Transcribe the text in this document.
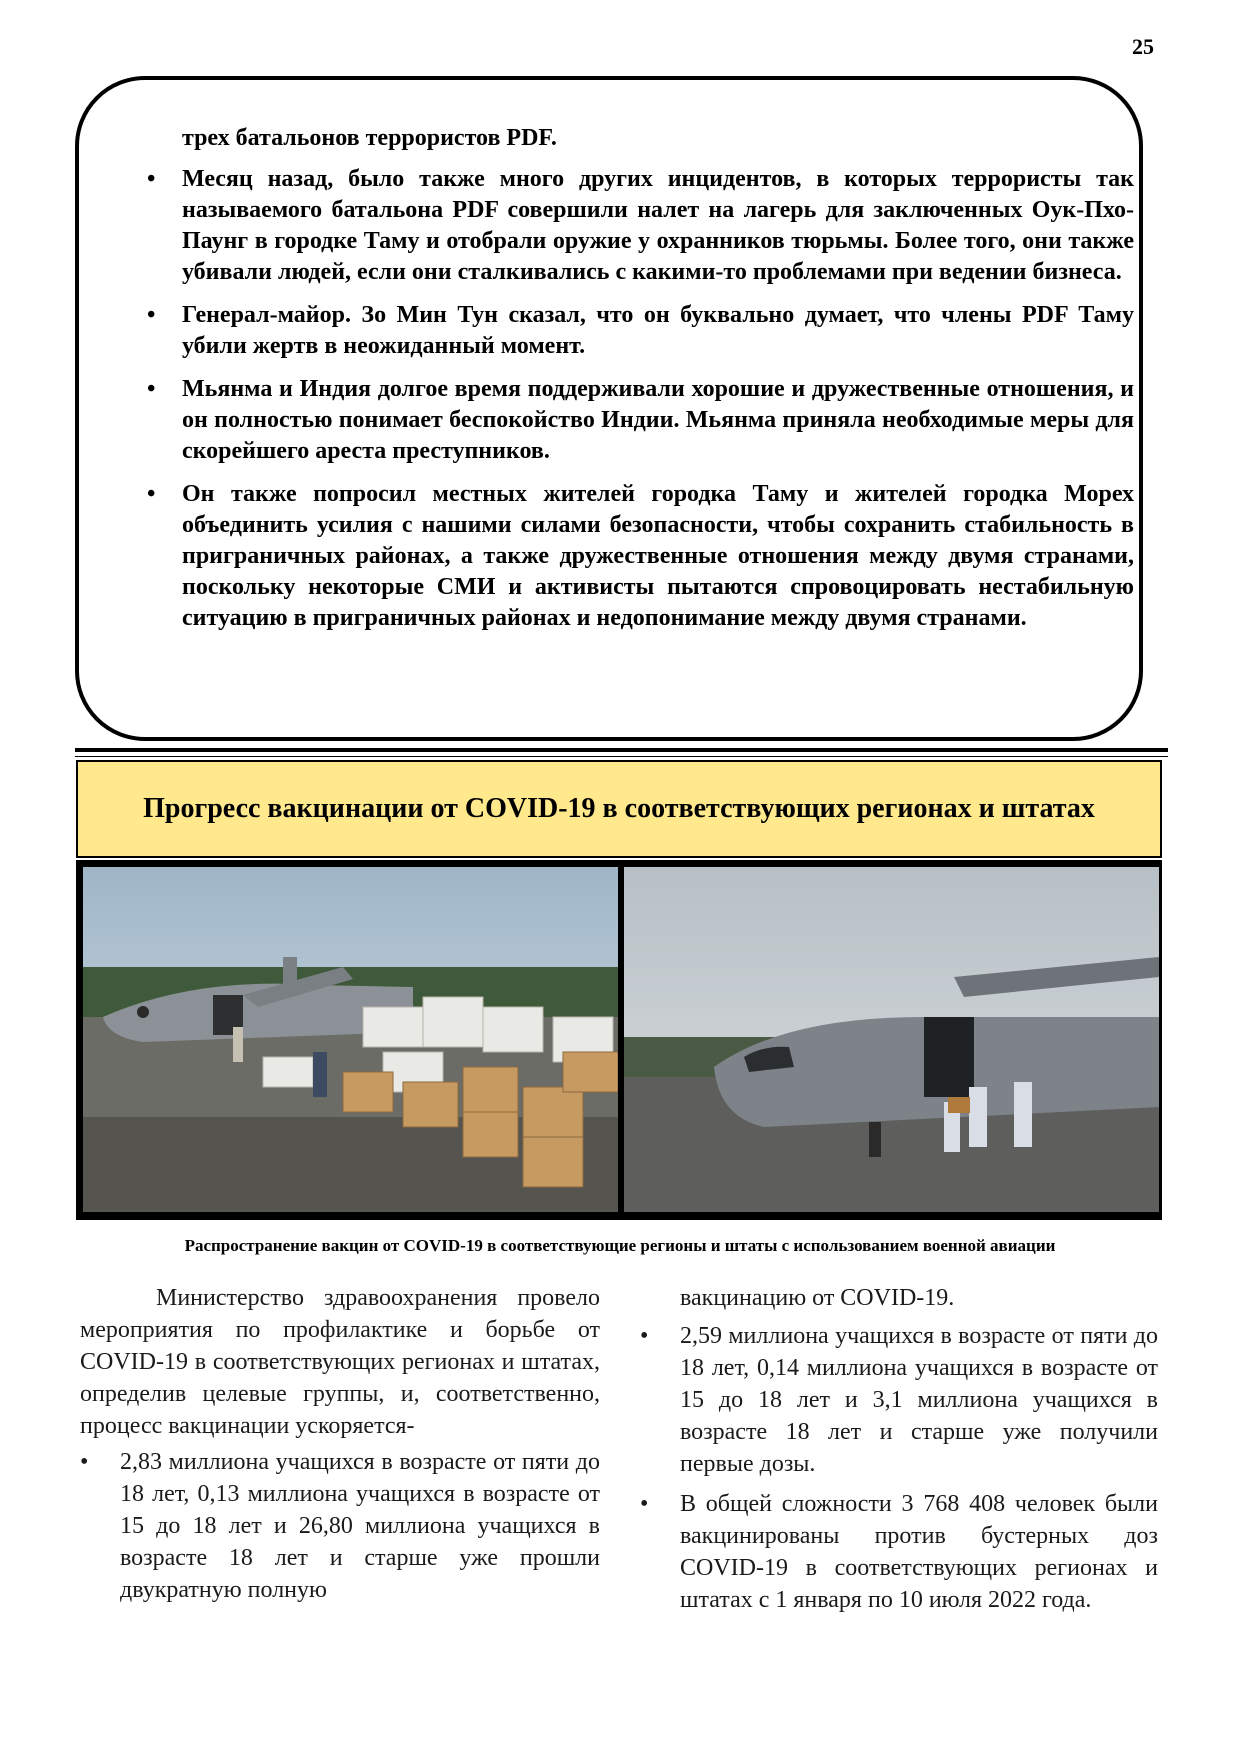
25
трех батальонов террористов PDF.
• Месяц назад, было также много других инцидентов, в которых террористы так называемого батальона PDF совершили налет на лагерь для заключенных Оук-Пхо-Паунг в городке Таму и отобрали оружие у охранников тюрьмы. Более того, они также убивали людей, если они сталкивались с какими-то проблемами при ведении бизнеса.
• Генерал-майор. Зо Мин Тун сказал, что он буквально думает, что члены PDF Таму убили жертв в неожиданный момент.
• Мьянма и Индия долгое время поддерживали хорошие и дружественные отношения, и он полностью понимает беспокойство Индии. Мьянма приняла необходимые меры для скорейшего ареста преступников.
• Он также попросил местных жителей городка Таму и жителей городка Морех объединить усилия с нашими силами безопасности, чтобы сохранить стабильность в приграничных районах, а также дружественные отношения между двумя странами, поскольку некоторые СМИ и активисты пытаются спровоцировать нестабильную ситуацию в приграничных районах и недопонимание между двумя странами.
Прогресс вакцинации от COVID-19 в соответствующих регионах и штатах
Распространение вакцин от COVID-19 в соответствующие регионы и штаты с использованием военной авиации

Министерство здравоохранения провело мероприятия по профилактике и борьбе от COVID-19 в соответствующих регионах и штатах, определив целевые группы, и, соответственно, процесс вакцинации ускоряется-

• 2,83 миллиона учащихся в возрасте от пяти до 18 лет, 0,13 миллиона учащихся в возрасте от 15 до 18 лет и 26,80 миллиона учащихся в возрасте 18 лет и старше уже прошли двукратную полную

вакцинацию от COVID-19.

• 2,59 миллиона учащихся в возрасте от пяти до 18 лет, 0,14 миллиона учащихся в возрасте от 15 до 18 лет и 3,1 миллиона учащихся в возрасте 18 лет и старше уже получили первые дозы.
• В общей сложности 3 768 408 человек были вакцинированы против бустерных доз COVID-19 в соответствующих регионах и штатах с 1 января по 10 июля 2022 года.
